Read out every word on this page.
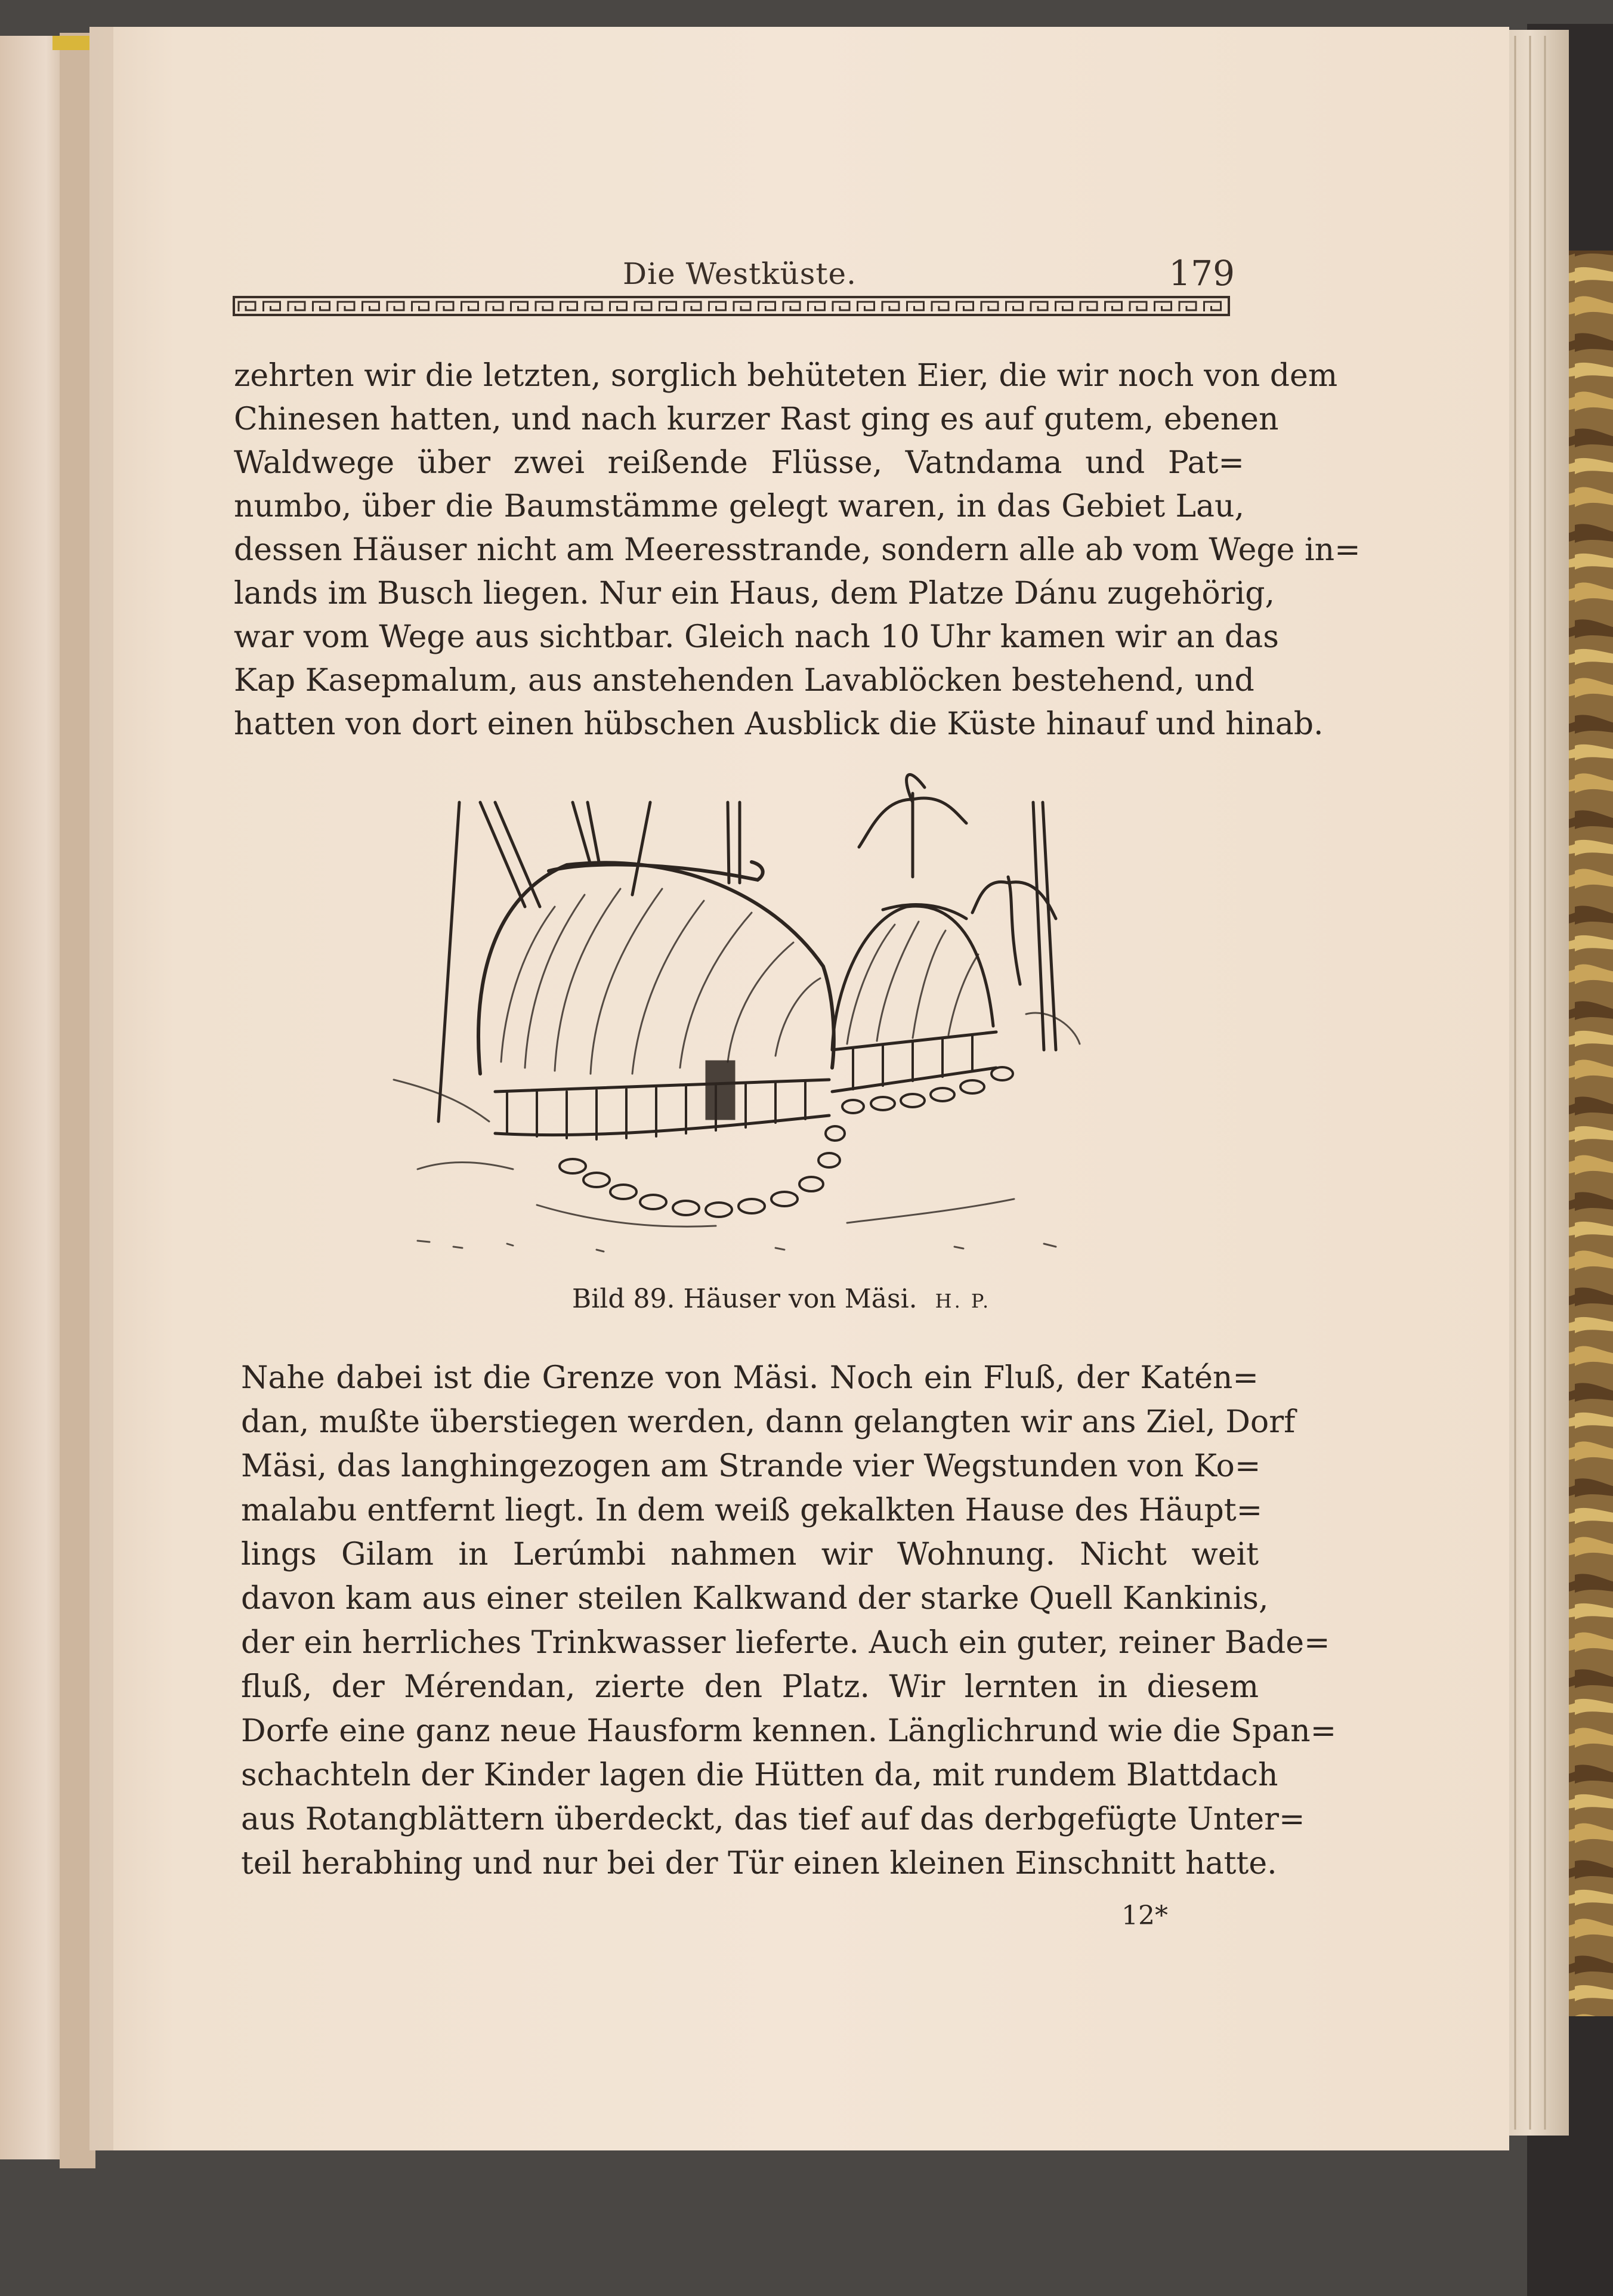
Die Westküste.	179
zehrten wir die letzten, sorglich behüteten Eier, die wir noch von dem
Chinesen hatten, und nach kurzer Rast ging es auf gutem, ebenen
Waldwege über zwei reißende Flüsse, Vatndama und Pat=
numbo, über die Baumstämme gelegt waren, in das Gebiet Lau,
dessen Häuser nicht am Meeresstrande, sondern alle ab vom Wege in=
lands im Busch liegen. Nur ein Haus, dem Platze Dánu zugehörig,
war vom Wege aus sichtbar. Gleich nach 10 Uhr kamen wir an das
Kap Kasepmalum, aus anstehenden Lavablöcken bestehend, und
hatten von dort einen hübschen Ausblick die Küste hinauf und hinab.
Bild 89. Häuser von Mäsi. H. P.
Nahe dabei ist die Grenze von Mäsi. Noch ein Fluß, der Katén=
dan, mußte überstiegen werden, dann gelangten wir ans Ziel, Dorf
Mäsi, das langhingezogen am Strande vier Wegstunden von Ko=
malabu entfernt liegt. In dem weiß gekalkten Hause des Häupt=
lings Gilam in Lerúmbi nahmen wir Wohnung. Nicht weit
davon kam aus einer steilen Kalkwand der starke Quell Kankinis,
der ein herrliches Trinkwasser lieferte. Auch ein guter, reiner Bade=
fluß, der Mérendan, zierte den Platz. Wir lernten in diesem
Dorfe eine ganz neue Hausform kennen. Länglichrund wie die Span=
schachteln der Kinder lagen die Hütten da, mit rundem Blattdach
aus Rotangblättern überdeckt, das tief auf das derbgefügte Unter=
teil herabhing und nur bei der Tür einen kleinen Einschnitt hatte.
12*
